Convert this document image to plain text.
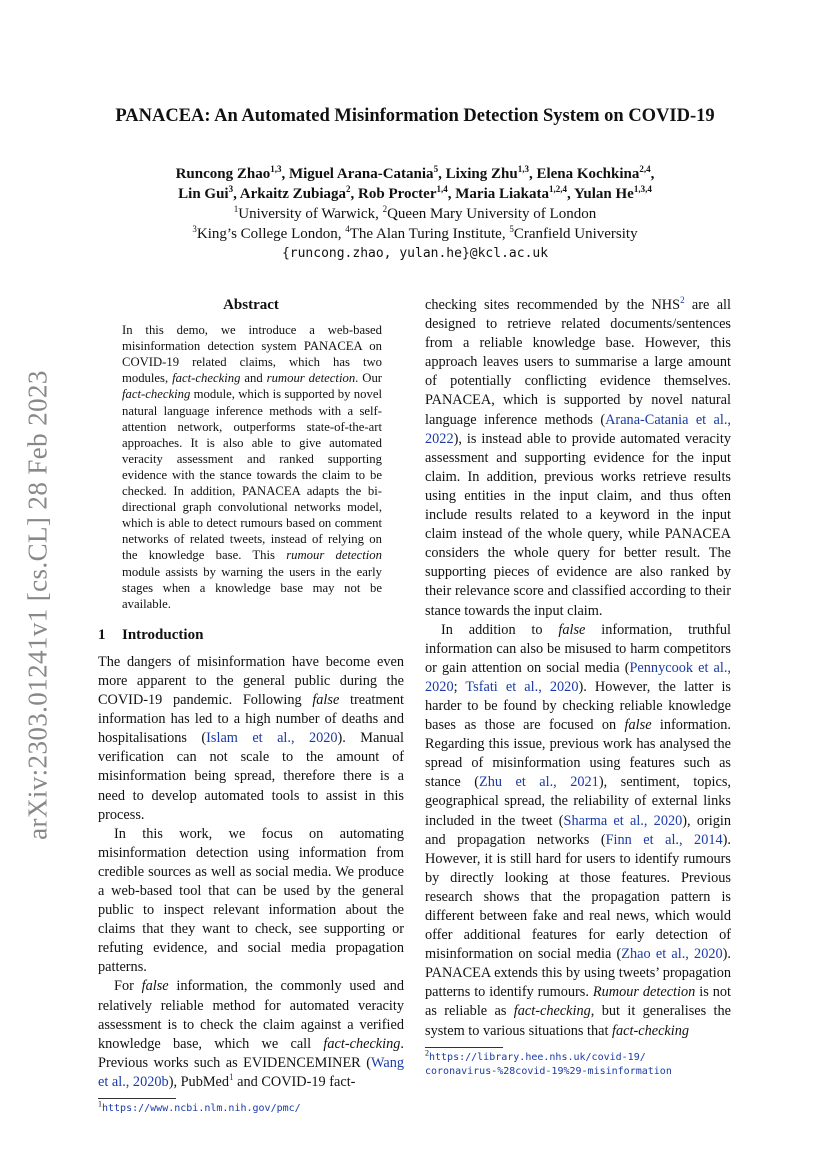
arXiv:2303.01241v1 [cs.CL] 28 Feb 2023
PANACEA: An Automated Misinformation Detection System on COVID-19
Runcong Zhao$^{1,3}$, Miguel Arana-Catania$^5$, Lixing Zhu$^{1,3}$, Elena Kochkina$^{2,4}$,
Lin Gui$^3$, Arkaitz Zubiaga$^2$, Rob Procter$^{1,4}$, Maria Liakata$^{1,2,4}$, Yulan He$^{1,3,4}$
$^1$University of Warwick, $^2$Queen Mary University of London
$^3$King’s College London, $^4$The Alan Turing Institute, $^5$Cranfield University
{runcong.zhao, yulan.he}@kcl.ac.uk
Abstract

In this demo, we introduce a web-based misinformation detection system PANACEA on COVID-19 related claims, which has two modules, fact-checking and rumour detection. Our fact-checking module, which is supported by novel natural language inference methods with a self-attention network, outperforms state-of-the-art approaches. It is also able to give automated veracity assessment and ranked supporting evidence with the stance towards the claim to be checked. In addition, PANACEA adapts the bi-directional graph convolutional networks model, which is able to detect rumours based on comment networks of related tweets, instead of relying on the knowledge base. This rumour detection module assists by warning the users in the early stages when a knowledge base may not be available.

1 Introduction

The dangers of misinformation have become even more apparent to the general public during the COVID-19 pandemic. Following false treatment information has led to a high number of deaths and hospitalisations (Islam et al., 2020). Manual verification can not scale to the amount of misinformation being spread, therefore there is a need to develop automated tools to assist in this process.

In this work, we focus on automating misinformation detection using information from credible sources as well as social media. We produce a web-based tool that can be used by the general public to inspect relevant information about the claims that they want to check, see supporting or refuting evidence, and social media propagation patterns.

For false information, the commonly used and relatively reliable method for automated veracity assessment is to check the claim against a verified knowledge base, which we call fact-checking. Previous works such as EVIDENCEMINER (Wang et al., 2020b), PubMed$^1$ and COVID-19 fact-

$^1$https://www.ncbi.nlm.nih.gov/pmc/

checking sites recommended by the NHS$^2$ are all designed to retrieve related documents/sentences from a reliable knowledge base. However, this approach leaves users to summarise a large amount of potentially conflicting evidence themselves. PANACEA, which is supported by novel natural language inference methods (Arana-Catania et al., 2022), is instead able to provide automated veracity assessment and supporting evidence for the input claim. In addition, previous works retrieve results using entities in the input claim, and thus often include results related to a keyword in the input claim instead of the whole query, while PANACEA considers the whole query for better result. The supporting pieces of evidence are also ranked by their relevance score and classified according to their stance towards the input claim.

In addition to false information, truthful information can also be misused to harm competitors or gain attention on social media (Pennycook et al., 2020; Tsfati et al., 2020). However, the latter is harder to be found by checking reliable knowledge bases as those are focused on false information. Regarding this issue, previous work has analysed the spread of misinformation using features such as stance (Zhu et al., 2021), sentiment, topics, geographical spread, the reliability of external links included in the tweet (Sharma et al., 2020), origin and propagation networks (Finn et al., 2014). However, it is still hard for users to identify rumours by directly looking at those features. Previous research shows that the propagation pattern is different between fake and real news, which would offer additional features for early detection of misinformation on social media (Zhao et al., 2020). PANACEA extends this by using tweets’ propagation patterns to identify rumours. Rumour detection is not as reliable as fact-checking, but it generalises the system to various situations that fact-checking

$^2$https://library.hee.nhs.uk/covid-19/
coronavirus-%28covid-19%29-misinformation
